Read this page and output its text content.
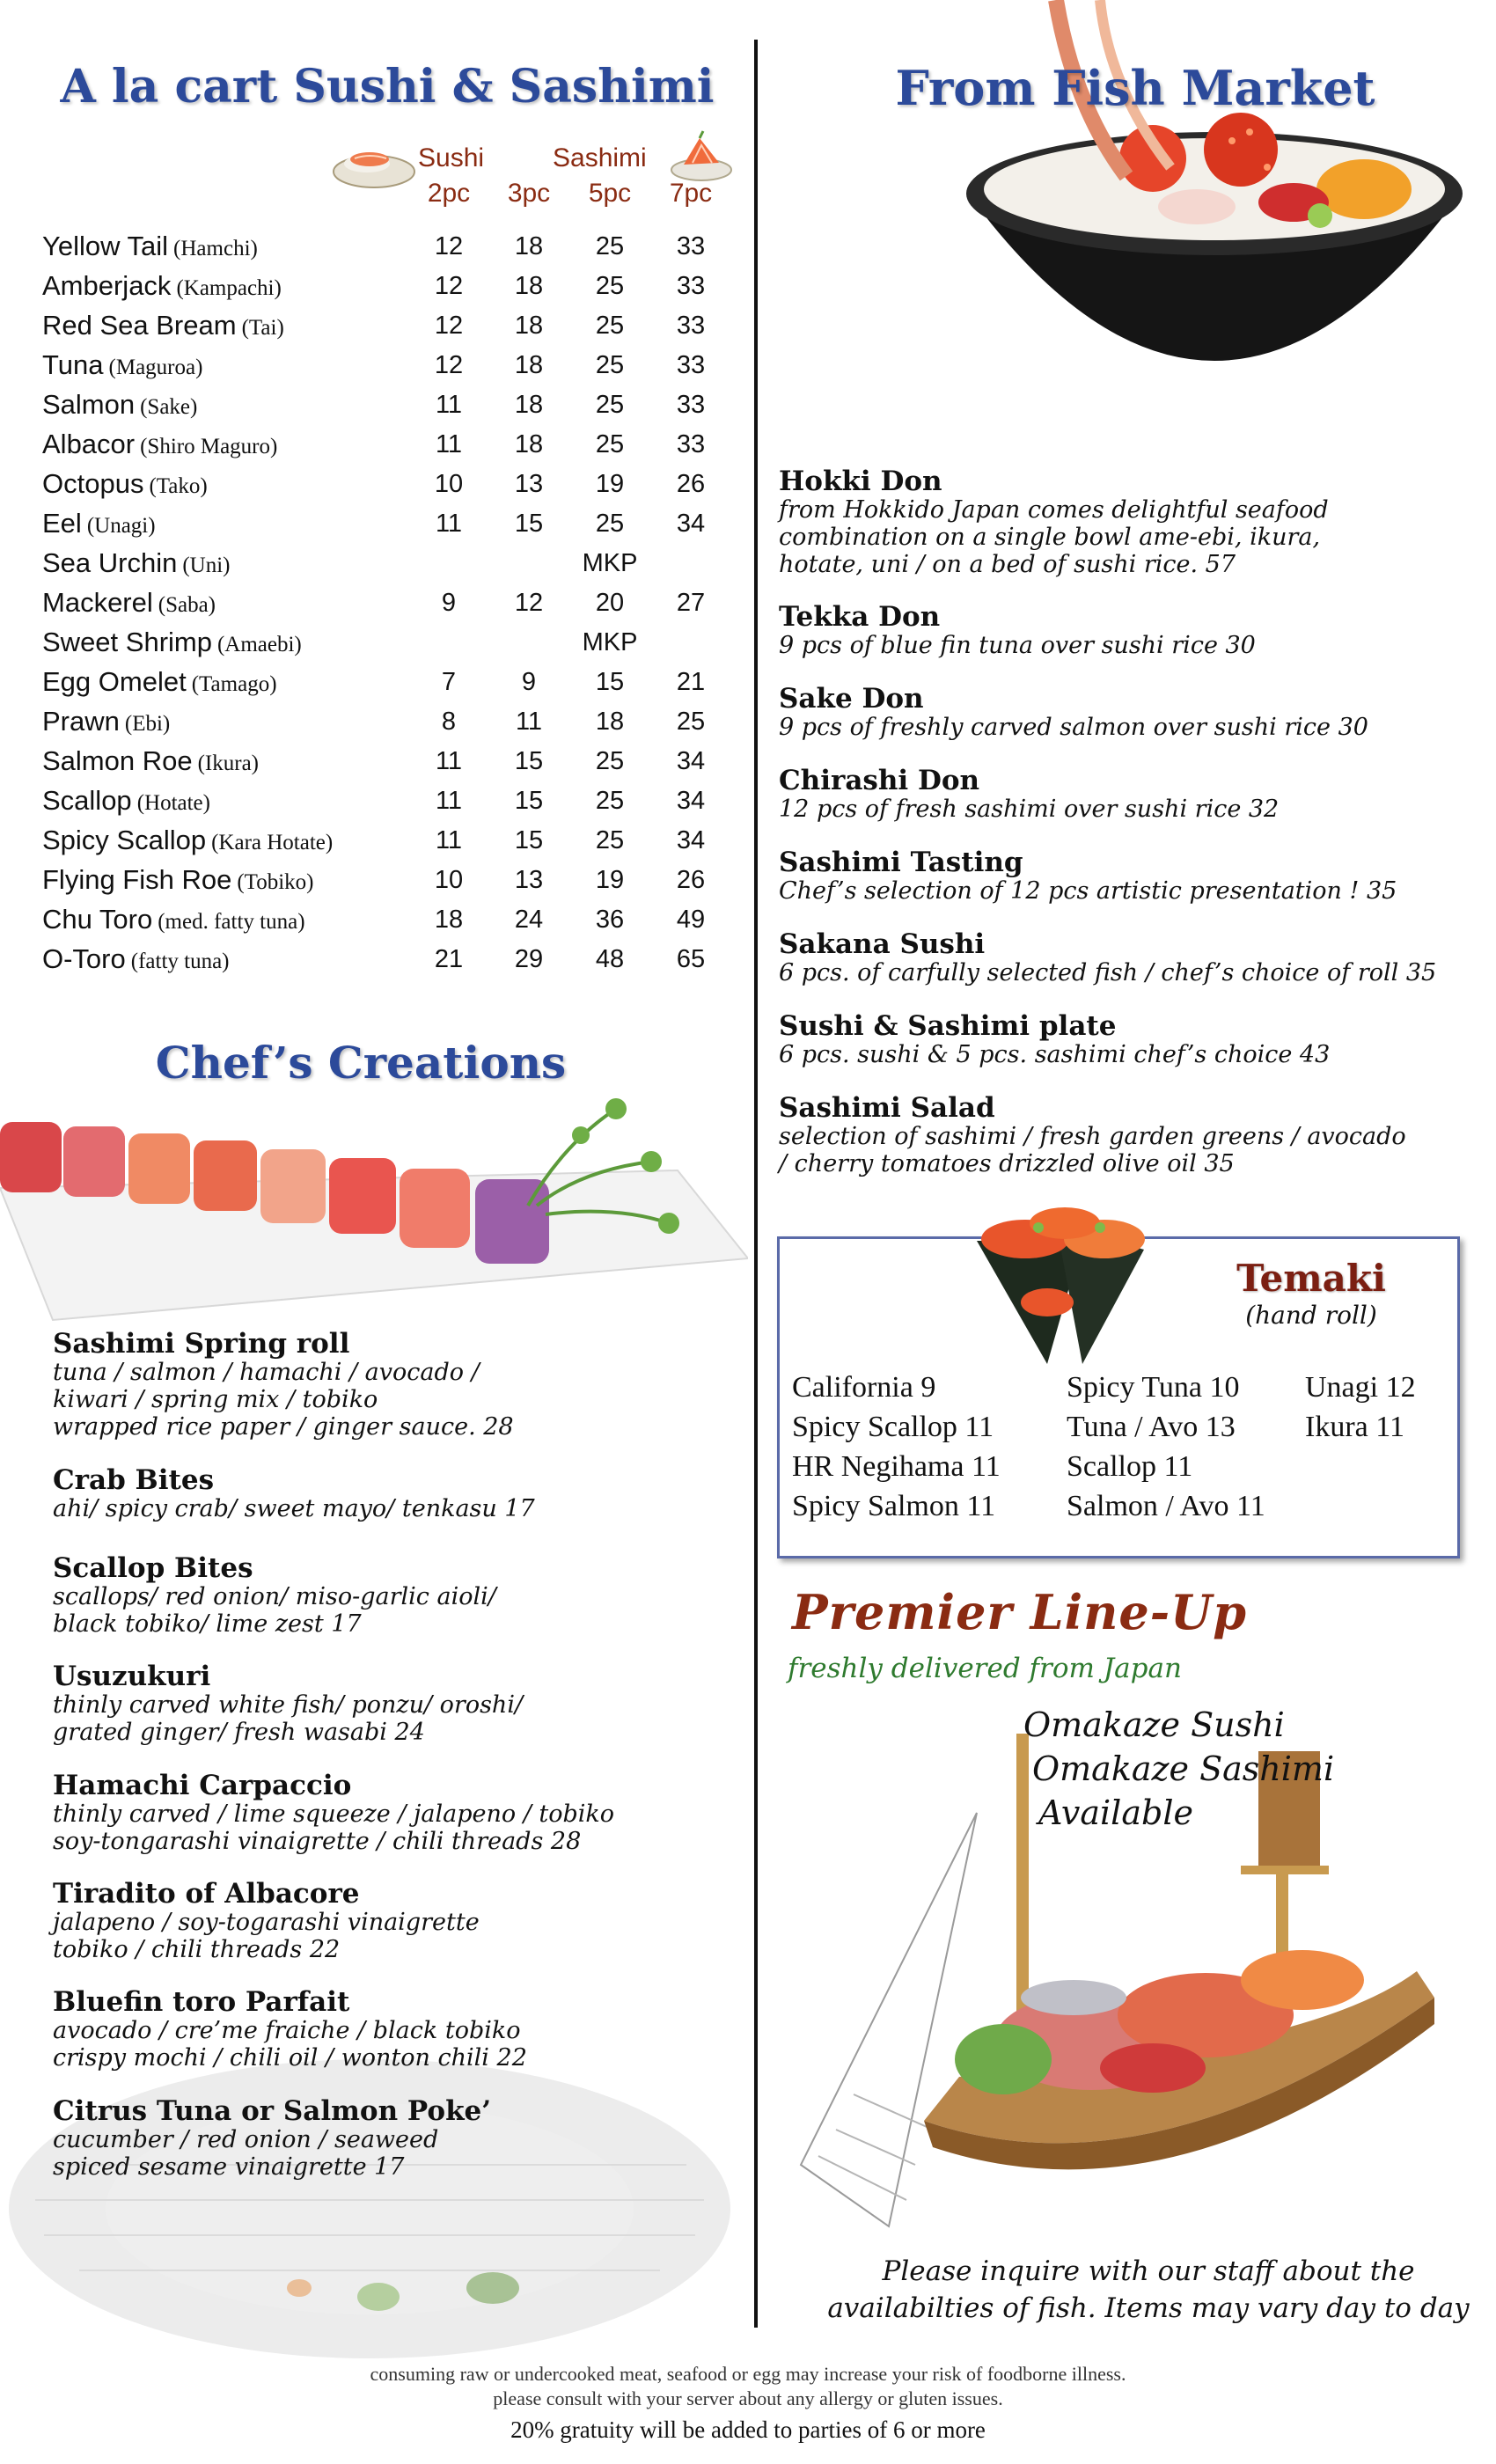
A la cart Sushi & Sashimi
Sushi	Sashimi
2pc	3pc	5pc	7pc
Yellow Tail (Hamchi)	12	18	25	33
Amberjack (Kampachi)	12	18	25	33
Red Sea Bream (Tai)	12	18	25	33
Tuna (Maguroa)	12	18	25	33
Salmon (Sake)	11	18	25	33
Albacor (Shiro Maguro)	11	18	25	33
Octopus (Tako)	10	13	19	26
Eel (Unagi)	11	15	25	34
Sea Urchin (Uni)	MKP
Mackerel (Saba)	9	12	20	27
Sweet Shrimp (Amaebi)	MKP
Egg Omelet (Tamago)	7	9	15	21
Prawn (Ebi)	8	11	18	25
Salmon Roe (Ikura)	11	15	25	34
Scallop (Hotate)	11	15	25	34
Spicy Scallop (Kara Hotate)	11	15	25	34
Flying Fish Roe (Tobiko)	10	13	19	26
Chu Toro (med. fatty tuna)	18	24	36	49
O-Toro (fatty tuna)	21	29	48	65
Chef’s Creations
Sashimi Spring roll
tuna / salmon / hamachi / avocado /
kiwari / spring mix / tobiko
wrapped rice paper / ginger sauce. 28
Crab Bites
ahi/ spicy crab/ sweet mayo/ tenkasu 17
Scallop Bites
scallops/ red onion/ miso-garlic aioli/
black tobiko/ lime zest 17
Usuzukuri
thinly carved white fish/ ponzu/ oroshi/
grated ginger/ fresh wasabi 24
Hamachi Carpaccio
thinly carved / lime squeeze / jalapeno / tobiko
soy-tongarashi vinaigrette / chili threads 28
Tiradito of Albacore
jalapeno / soy-togarashi vinaigrette
tobiko / chili threads 22
Bluefin toro Parfait
avocado / cre’me fraiche / black tobiko
crispy mochi / chili oil / wonton chili 22
Citrus Tuna or Salmon Poke’
cucumber / red onion / seaweed
spiced sesame vinaigrette 17
From Fish Market
Hokki Don
from Hokkido Japan comes delightful seafood
combination on a single bowl ame-ebi, ikura,
hotate, uni / on a bed of sushi rice. 57
Tekka Don
9 pcs of blue fin tuna over sushi rice 30
Sake Don
9 pcs of freshly carved salmon over sushi rice 30
Chirashi Don
12 pcs of fresh sashimi over sushi rice 32
Sashimi Tasting
Chef’s selection of 12 pcs artistic presentation ! 35
Sakana Sushi
6 pcs. of carfully selected fish / chef’s choice of roll 35
Sushi & Sashimi plate
6 pcs. sushi & 5 pcs. sashimi chef’s choice 43
Sashimi Salad
selection of sashimi / fresh garden greens / avocado
/ cherry tomatoes drizzled olive oil 35
Temaki
(hand roll)
California 9
Spicy Scallop 11
HR Negihama 11
Spicy Salmon 11
Spicy Tuna 10
Tuna / Avo 13
Scallop 11
Salmon / Avo 11
Unagi 12
Ikura 11
Premier Line-Up
freshly delivered from Japan
Omakaze Sushi
Omakaze Sashimi
Available
Please inquire with our staff about the
availabilties of fish. Items may vary day to day
consuming raw or undercooked meat, seafood or egg may increase your risk of foodborne illness.
please consult with your server about any allergy or gluten issues.
20% gratuity will be added to parties of 6 or more
